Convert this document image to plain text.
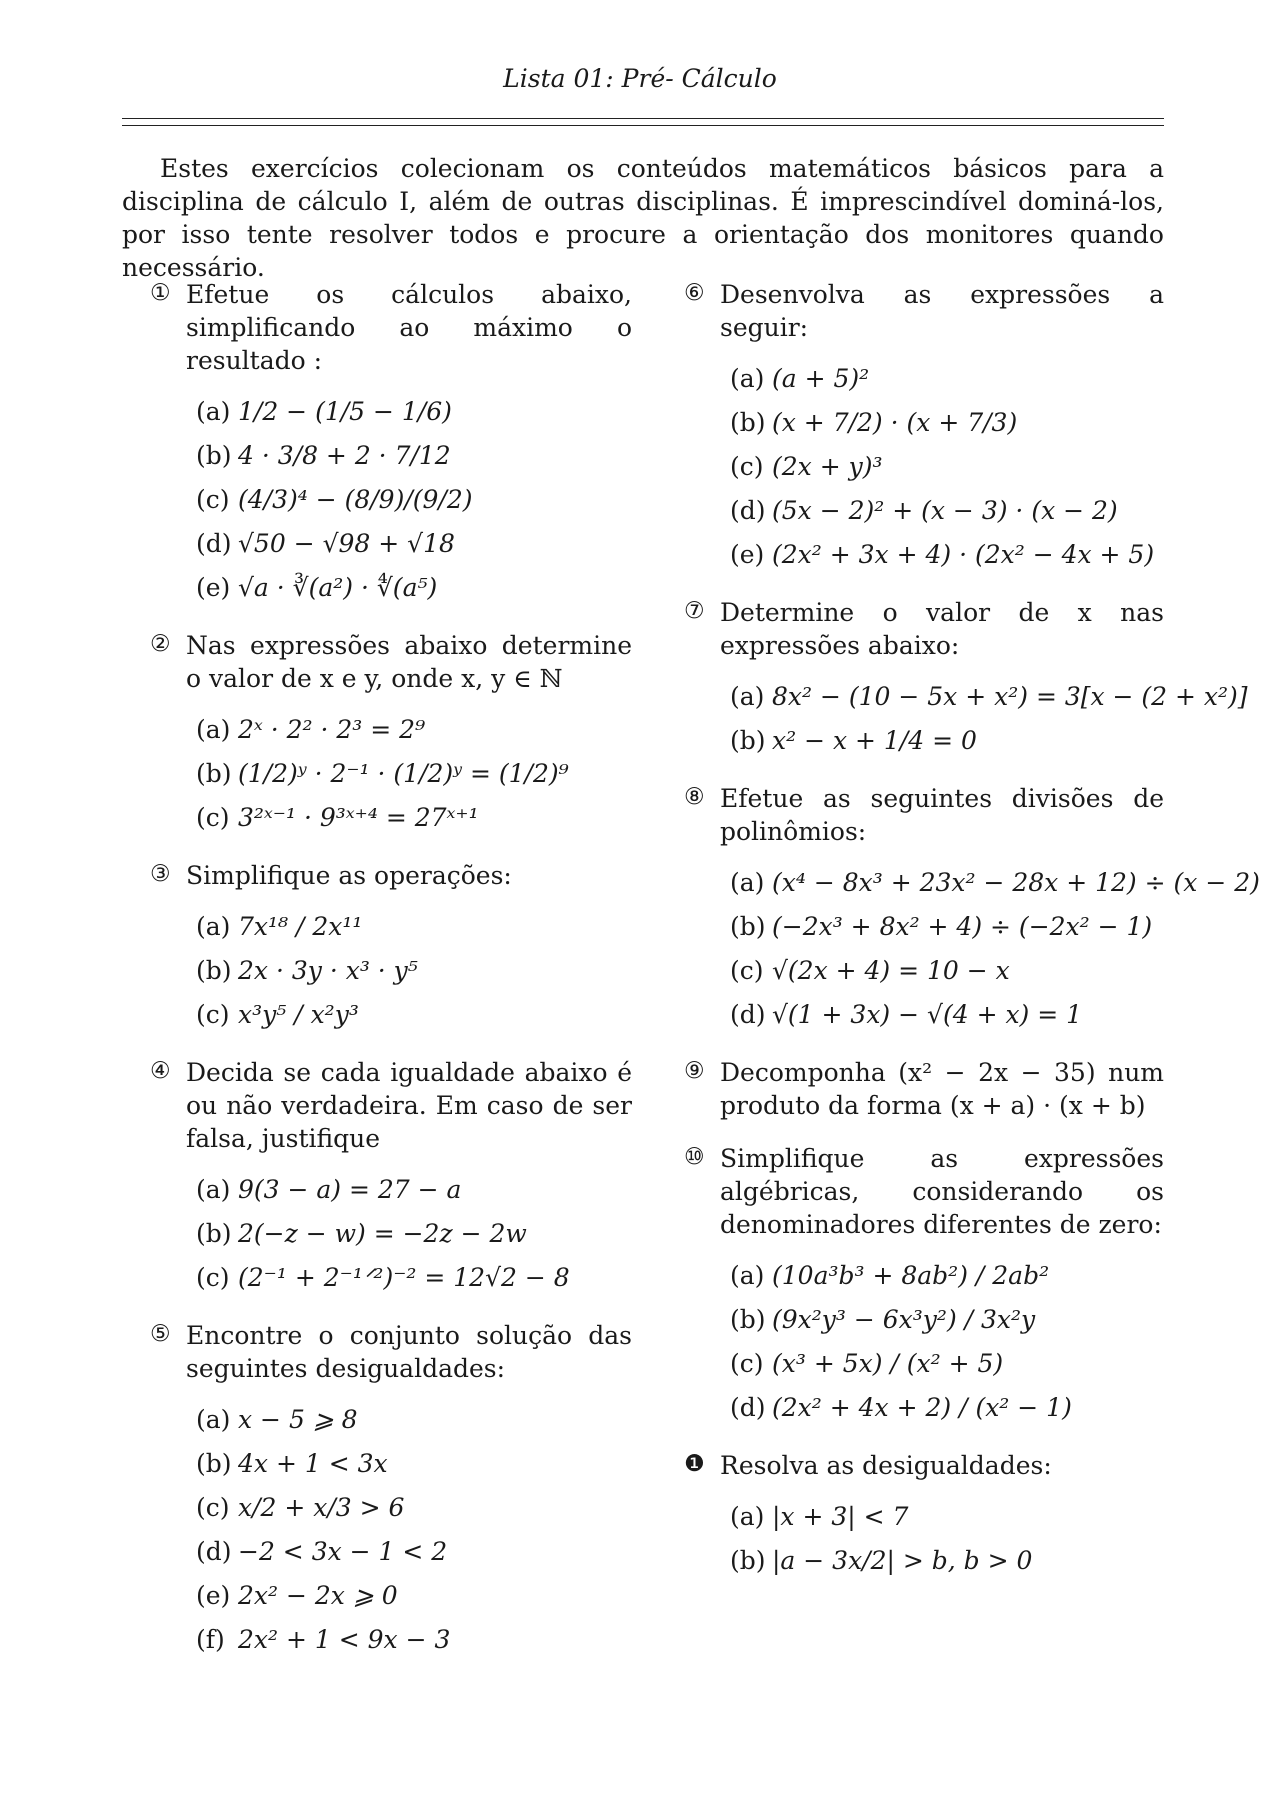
Lista 01: Pré- Cálculo

Estes exercícios colecionam os conteúdos matemáticos básicos para a disciplina de cálculo I, além de outras disciplinas. É imprescindível dominá-los, por isso tente resolver todos e procure a orientação dos monitores quando necessário.

① Efetue os cálculos abaixo, simplificando ao máximo o resultado :
(a) 1/2 − (1/5 − 1/6)
(b) 4 · 3/8 + 2 · 7/12
(c) (4/3)⁴ − (8/9)/(9/2)
(d) √50 − √98 + √18
(e) √a · ∛(a²) · ∜(a⁵)
② Nas expressões abaixo determine o valor de x e y, onde x, y ∈ ℕ
(a) 2ˣ · 2² · 2³ = 2⁹
(b) (1/2)ʸ · 2⁻¹ · (1/2)ʸ = (1/2)⁹
(c) 3²ˣ⁻¹ · 9³ˣ⁺⁴ = 27ˣ⁺¹
③ Simplifique as operações:
(a) 7x¹⁸ / 2x¹¹
(b) 2x · 3y · x³ · y⁵
(c) x³y⁵ / x²y³
④ Decida se cada igualdade abaixo é ou não verdadeira. Em caso de ser falsa, justifique
(a) 9(3 − a) = 27 − a
(b) 2(−z − w) = −2z − 2w
(c) (2⁻¹ + 2⁻¹ᐟ²)⁻² = 12√2 − 8
⑤ Encontre o conjunto solução das seguintes desigualdades:
(a) x − 5 ⩾ 8
(b) 4x + 1 < 3x
(c) x/2 + x/3 > 6
(d) −2 < 3x − 1 < 2
(e) 2x² − 2x ⩾ 0
(f) 2x² + 1 < 9x − 3
⑥ Desenvolva as expressões a seguir:
(a) (a + 5)²
(b) (x + 7/2) · (x + 7/3)
(c) (2x + y)³
(d) (5x − 2)² + (x − 3) · (x − 2)
(e) (2x² + 3x + 4) · (2x² − 4x + 5)
⑦ Determine o valor de x nas expressões abaixo:
(a) 8x² − (10 − 5x + x²) = 3[x − (2 + x²)]
(b) x² − x + 1/4 = 0
⑧ Efetue as seguintes divisões de polinômios:
(a) (x⁴ − 8x³ + 23x² − 28x + 12) ÷ (x − 2)
(b) (−2x³ + 8x² + 4) ÷ (−2x² − 1)
(c) √(2x + 4) = 10 − x
(d) √(1 + 3x) − √(4 + x) = 1
⑨ Decomponha (x² − 2x − 35) num produto da forma (x + a) · (x + b)
⑩ Simplifique as expressões algébricas, considerando os denominadores diferentes de zero:
(a) (10a³b³ + 8ab²) / 2ab²
(b) (9x²y³ − 6x³y²) / 3x²y
(c) (x³ + 5x) / (x² + 5)
(d) (2x² + 4x + 2) / (x² − 1)
❶ Resolva as desigualdades:
(a) |x + 3| < 7
(b) |a − 3x/2| > b, b > 0
